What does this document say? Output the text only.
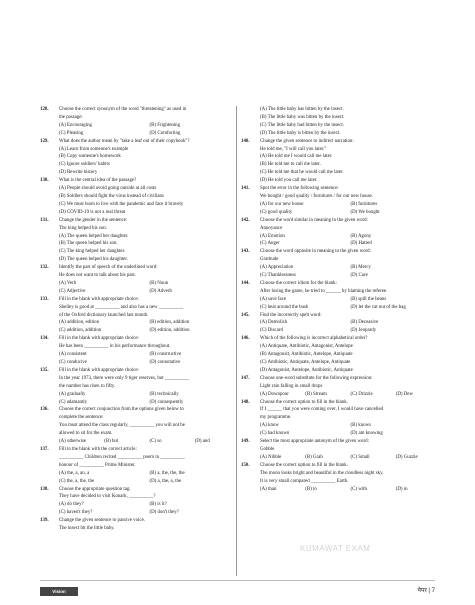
128. Choose the correct synonym of the word "threatening" as used in
the passage:
(A) Encouraging	(B) Frightening
(C) Pleasing	(D) Comforting
129. What does the author mean by "take a leaf out of their copybook"?
(A) Learn from someone's example
(B) Copy someone's homework
(C) Ignore soldiers' habits
(D) Rewrite history
130. What is the central idea of the passage?
(A) People should avoid going outside at all costs
(B) Soldiers should fight the virus instead of civilians
(C) We must learn to live with the pandemic and face it bravely
(D) COVID-19 is not a real threat
131. Change the gender in the sentence:
The king helped his son.
(A) The queen helped her daughter.
(B) The queen helped his son.
(C) The king helped her daughter.
(D) The queen helped his daughter.
132. Identify the part of speech of the underlined word:
He does not want to talk about his past.
(A) Verb	(B) Noun
(C) Adjective	(D) Adverb
133. Fill in the blank with appropriate choice:
Shelley is good at __________ and also has a new __________
of the Oxford dictionary launched last month.
(A) addition, edition	(B) edition, addition
(C) addition, addition	(D) edition, addition
134. Fill in the blank with appropriate choice:
He has been __________ in his performance throughout.
(A) consistent	(B) constructive
(C) conducive	(D) connotative
135. Fill in the blank with appropriate choice:
In the year 1973, there were only 9 tiger reserves, but __________
the number has risen to fifty.
(A) gradually	(B) technically
(C) adamantly	(D) consequently
136. Choose the correct conjunction from the options given below to
complete the sentence:
You must attend the class regularly, __________ you will not be
allowed to sit for the exam.
(A) otherwise	(B) but	(C) so	(D) and
137. Fill in the blank with the correct article:
__________ Children recited __________ poem in __________
honour of __________ Prime Minister.
(A) the, a, an, a	(B) a, the, the, the
(C) the, a, the, the	(D) a, the, a, the
138. Choose the appropriate question tag.
They have decided to visit Konark, __________?
(A) do they?	(B) is it?
(C) haven't they?	(D) don't they?
139. Change the given sentence to passive voice.
The insect bit the little baby.
(A) The little baby has bitten by the insect.
(B) The little baby was bitten by the insect.
(C) The little baby had bitten by the insect.
(D) The little baby is bitten by the insect.
140. Change the given sentence to indirect narration:
He told me, "I will call you later."
(A) He told me I would call me later.
(B) He told me to call me later.
(C) He told me that he would call me later.
(D) He told you call me later.
141. Spot the error in the following sentence:
We bought / good quality / furnitures / for our new house.
(A) for our new house	(B) furnitures
(C) good quality	(D) We bought
142. Choose the word similar in meaning to the given word:
Annoyance
(A) Emotion	(B) Agony
(C) Anger	(D) Hatred
143. Choose the word opposite in meaning to the given word:
Gratitude
(A) Appreciation	(B) Mercy
(C) Thanklessness	(D) Care
144. Choose the correct idiom for the blank:
After losing the game, he tried to ______ by blaming the referee.
(A) save face	(B) spill the beans
(C) beat around the bush	(D) let the cat out of the bag
145. Find the incorrectly spelt word:
(A) Demolish	(B) Deceasive
(C) Discard	(D) Jeopardy
146. Which of the following is incorrect alphabetical order?
(A) Antiquate, Antibiotic, Antagonist, Antelope
(B) Antagonist, Antibiotic, Antelope, Antiquate
(C) Antibiotic, Antiquate, Antelope, Antiquate
(D) Antagonist, Antelope, Antibiotic, Antiquate
147. Choose one-word substitute for the following expression:
Light rain falling in small drops
(A) Downpour	(B) Stream	(C) Drizzle	(D) Dew
148. Choose the correct option to fill in the blank.
If I ______ that you were coming over, I would have cancelled
my programme.
(A) know	(B) knows
(C) had known	(D) am knowing
149. Select the most appropriate antonym of the given word:
Gobble
(A) Nibble	(B) Grab	(C) Small	(D) Guzzle
150. Choose the correct option to fill in the blank.
The moon looks bright and beautiful in the cloudless night sky.
It is very small compared __________ Earth.
(A) than	(B) to	(C) with	(D) in
KUMAWAT EXAM
Vision Publications
पेपर | 7
